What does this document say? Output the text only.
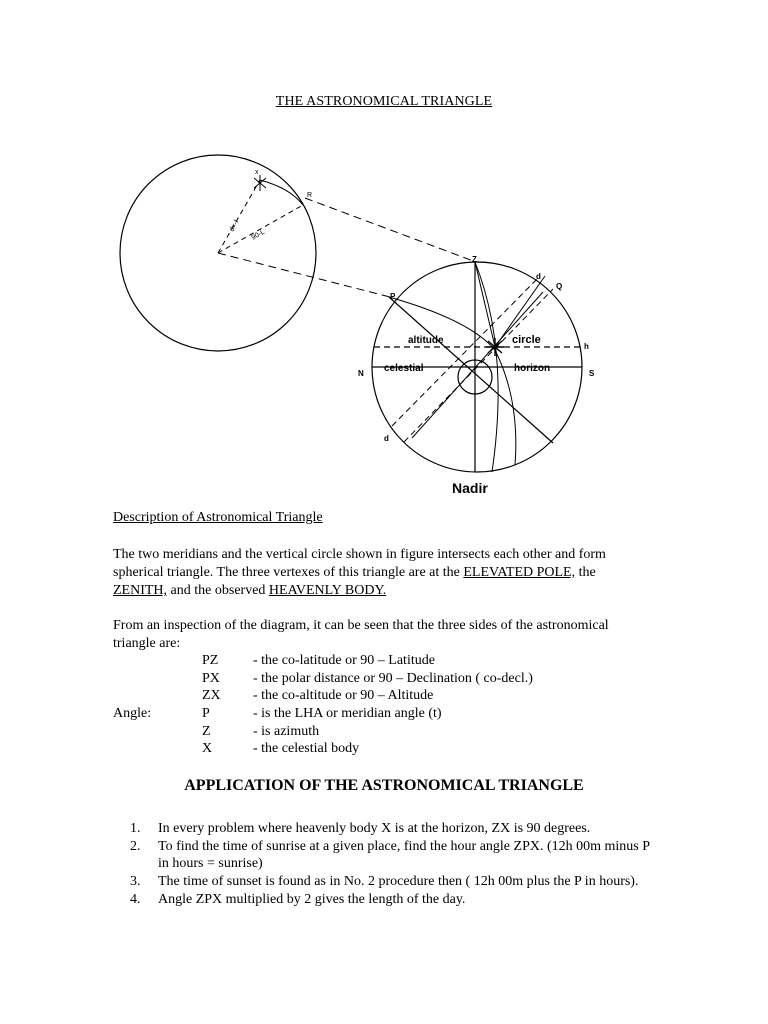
THE ASTRONOMICAL TRIANGLE
x
R
d=-l
90-L
Z
d
Q
P
h
N	S
d
altitude	circle
celestial	horizon
Nadir
Description of Astronomical Triangle
The two meridians and the vertical circle shown in figure intersects each other and form spherical triangle. The three vertexes of this triangle are at the ELEVATED POLE, the ZENITH, and the observed HEAVENLY BODY.
From an inspection of the diagram, it can be seen that the three sides of the astronomical triangle are:
PZ - the co-latitude or 90 – Latitude
PX - the polar distance or 90 – Declination ( co-decl.)
ZX - the co-altitude or 90 – Altitude
Angle:	P	- is the LHA or meridian angle (t)
Z	- is azimuth
X	- the celestial body
APPLICATION OF THE ASTRONOMICAL TRIANGLE
1.	In every problem where heavenly body X is at the horizon, ZX is 90 degrees.
2.	To find the time of sunrise at a given place, find the hour angle ZPX. (12h 00m minus P in hours = sunrise)
3.	The time of sunset is found as in No. 2 procedure then ( 12h 00m plus the P in hours).
4.	Angle ZPX multiplied by 2 gives the length of the day.
